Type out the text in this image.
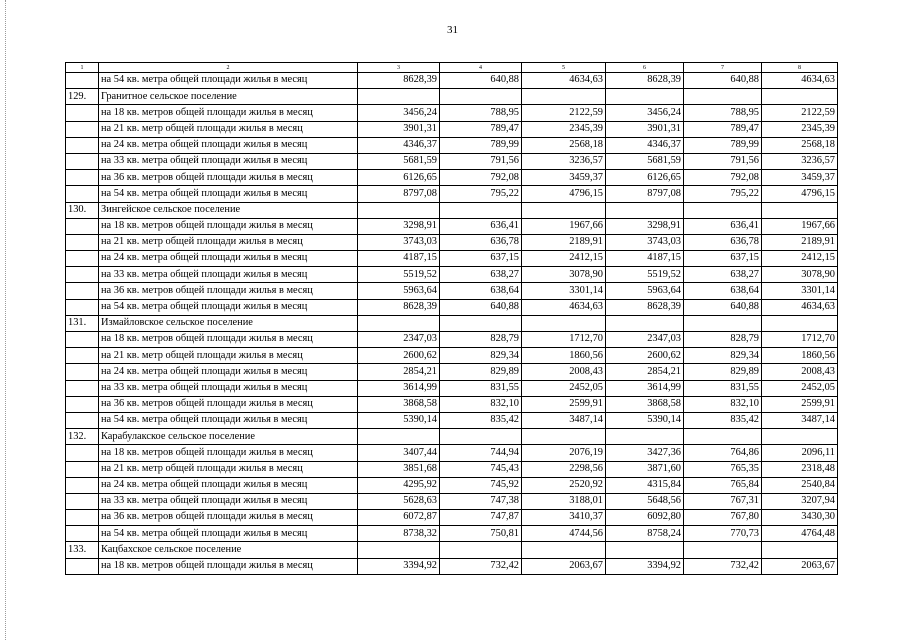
31
1	2	3	4	5	6	7	8
	на 54 кв. метра общей площади жилья в месяц	8628,39	640,88	4634,63	8628,39	640,88	4634,63
129.	Гранитное сельское поселение						
	на 18 кв. метров общей площади жилья в месяц	3456,24	788,95	2122,59	3456,24	788,95	2122,59
	на 21 кв. метр общей площади жилья в месяц	3901,31	789,47	2345,39	3901,31	789,47	2345,39
	на 24 кв. метра общей площади жилья в месяц	4346,37	789,99	2568,18	4346,37	789,99	2568,18
	на 33 кв. метра общей площади жилья в месяц	5681,59	791,56	3236,57	5681,59	791,56	3236,57
	на 36 кв. метров общей площади жилья в месяц	6126,65	792,08	3459,37	6126,65	792,08	3459,37
	на 54 кв. метра общей площади жилья в месяц	8797,08	795,22	4796,15	8797,08	795,22	4796,15
130.	Зингейское сельское поселение						
	на 18 кв. метров общей площади жилья в месяц	3298,91	636,41	1967,66	3298,91	636,41	1967,66
	на 21 кв. метр общей площади жилья в месяц	3743,03	636,78	2189,91	3743,03	636,78	2189,91
	на 24 кв. метра общей площади жилья в месяц	4187,15	637,15	2412,15	4187,15	637,15	2412,15
	на 33 кв. метра общей площади жилья в месяц	5519,52	638,27	3078,90	5519,52	638,27	3078,90
	на 36 кв. метров общей площади жилья в месяц	5963,64	638,64	3301,14	5963,64	638,64	3301,14
	на 54 кв. метра общей площади жилья в месяц	8628,39	640,88	4634,63	8628,39	640,88	4634,63
131.	Измайловское сельское поселение						
	на 18 кв. метров общей площади жилья в месяц	2347,03	828,79	1712,70	2347,03	828,79	1712,70
	на 21 кв. метр общей площади жилья в месяц	2600,62	829,34	1860,56	2600,62	829,34	1860,56
	на 24 кв. метра общей площади жилья в месяц	2854,21	829,89	2008,43	2854,21	829,89	2008,43
	на 33 кв. метра общей площади жилья в месяц	3614,99	831,55	2452,05	3614,99	831,55	2452,05
	на 36 кв. метров общей площади жилья в месяц	3868,58	832,10	2599,91	3868,58	832,10	2599,91
	на 54 кв. метра общей площади жилья в месяц	5390,14	835,42	3487,14	5390,14	835,42	3487,14
132.	Карабулакское сельское поселение						
	на 18 кв. метров общей площади жилья в месяц	3407,44	744,94	2076,19	3427,36	764,86	2096,11
	на 21 кв. метр общей площади жилья в месяц	3851,68	745,43	2298,56	3871,60	765,35	2318,48
	на 24 кв. метра общей площади жилья в месяц	4295,92	745,92	2520,92	4315,84	765,84	2540,84
	на 33 кв. метра общей площади жилья в месяц	5628,63	747,38	3188,01	5648,56	767,31	3207,94
	на 36 кв. метров общей площади жилья в месяц	6072,87	747,87	3410,37	6092,80	767,80	3430,30
	на 54 кв. метра общей площади жилья в месяц	8738,32	750,81	4744,56	8758,24	770,73	4764,48
133.	Кацбахское сельское поселение						
	на 18 кв. метров общей площади жилья в месяц	3394,92	732,42	2063,67	3394,92	732,42	2063,67
